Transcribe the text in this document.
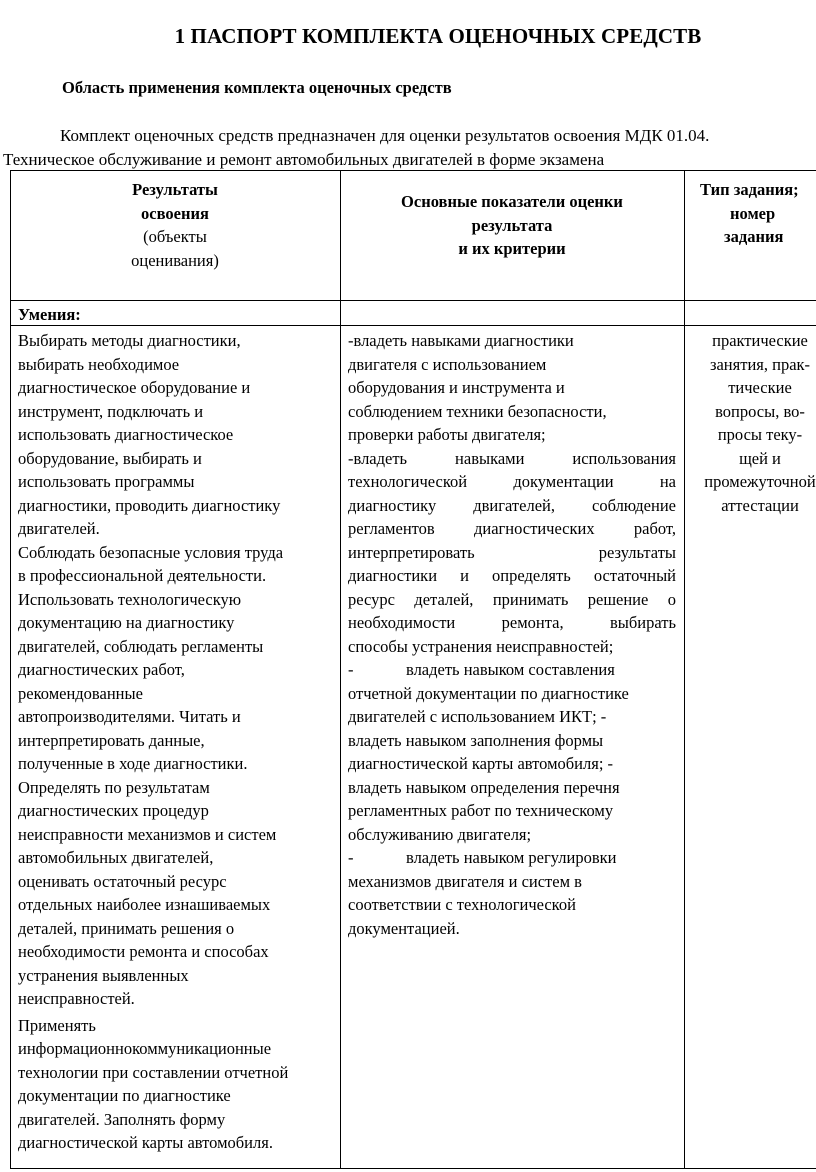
1 ПАСПОРТ КОМПЛЕКТА ОЦЕНОЧНЫХ СРЕДСТВ
Область применения комплекта оценочных средств
Комплект оценочных средств предназначен для оценки результатов освоения МДК 01.04.
Техническое обслуживание и ремонт автомобильных двигателей в форме экзамена
Результаты
освоения
(объекты
оценивания)
Основные показатели оценки
результата
и их критерии
Тип задания;
номер
задания
Умения:
Выбирать методы диагностики,
выбирать необходимое
диагностическое оборудование и
инструмент, подключать и
использовать диагностическое
оборудование, выбирать и
использовать программы
диагностики, проводить диагностику
двигателей.
Соблюдать безопасные условия труда
в профессиональной деятельности.
Использовать технологическую
документацию на диагностику
двигателей, соблюдать регламенты
диагностических работ,
рекомендованные
автопроизводителями. Читать и
интерпретировать данные,
полученные в ходе диагностики.
Определять по результатам
диагностических процедур
неисправности механизмов и систем
автомобильных двигателей,
оценивать остаточный ресурс
отдельных наиболее изнашиваемых
деталей, принимать решения о
необходимости ремонта и способах
устранения выявленных
неисправностей.
Применять
информационнокоммуникационные
технологии при составлении отчетной
документации по диагностике
двигателей. Заполнять форму
диагностической карты автомобиля.
-владеть навыками диагностики
двигателя с использованием
оборудования и инструмента и
соблюдением техники безопасности,
проверки работы двигателя;
-владеть навыками использования
технологической документации на
диагностику двигателей, соблюдение
регламентов диагностических работ,
интерпретировать результаты
диагностики и определять остаточный
ресурс деталей, принимать решение о
необходимости ремонта, выбирать
способы устранения неисправностей;
-	владеть навыком составления
отчетной документации по диагностике
двигателей с использованием ИКТ; -
владеть навыком заполнения формы
диагностической карты автомобиля; -
владеть навыком определения перечня
регламентных работ по техническому
обслуживанию двигателя;
-	владеть навыком регулировки
механизмов двигателя и систем в
соответствии с технологической
документацией.
практические
занятия, прак-
тические
вопросы, во-
просы теку-
щей и
промежуточной
аттестации
